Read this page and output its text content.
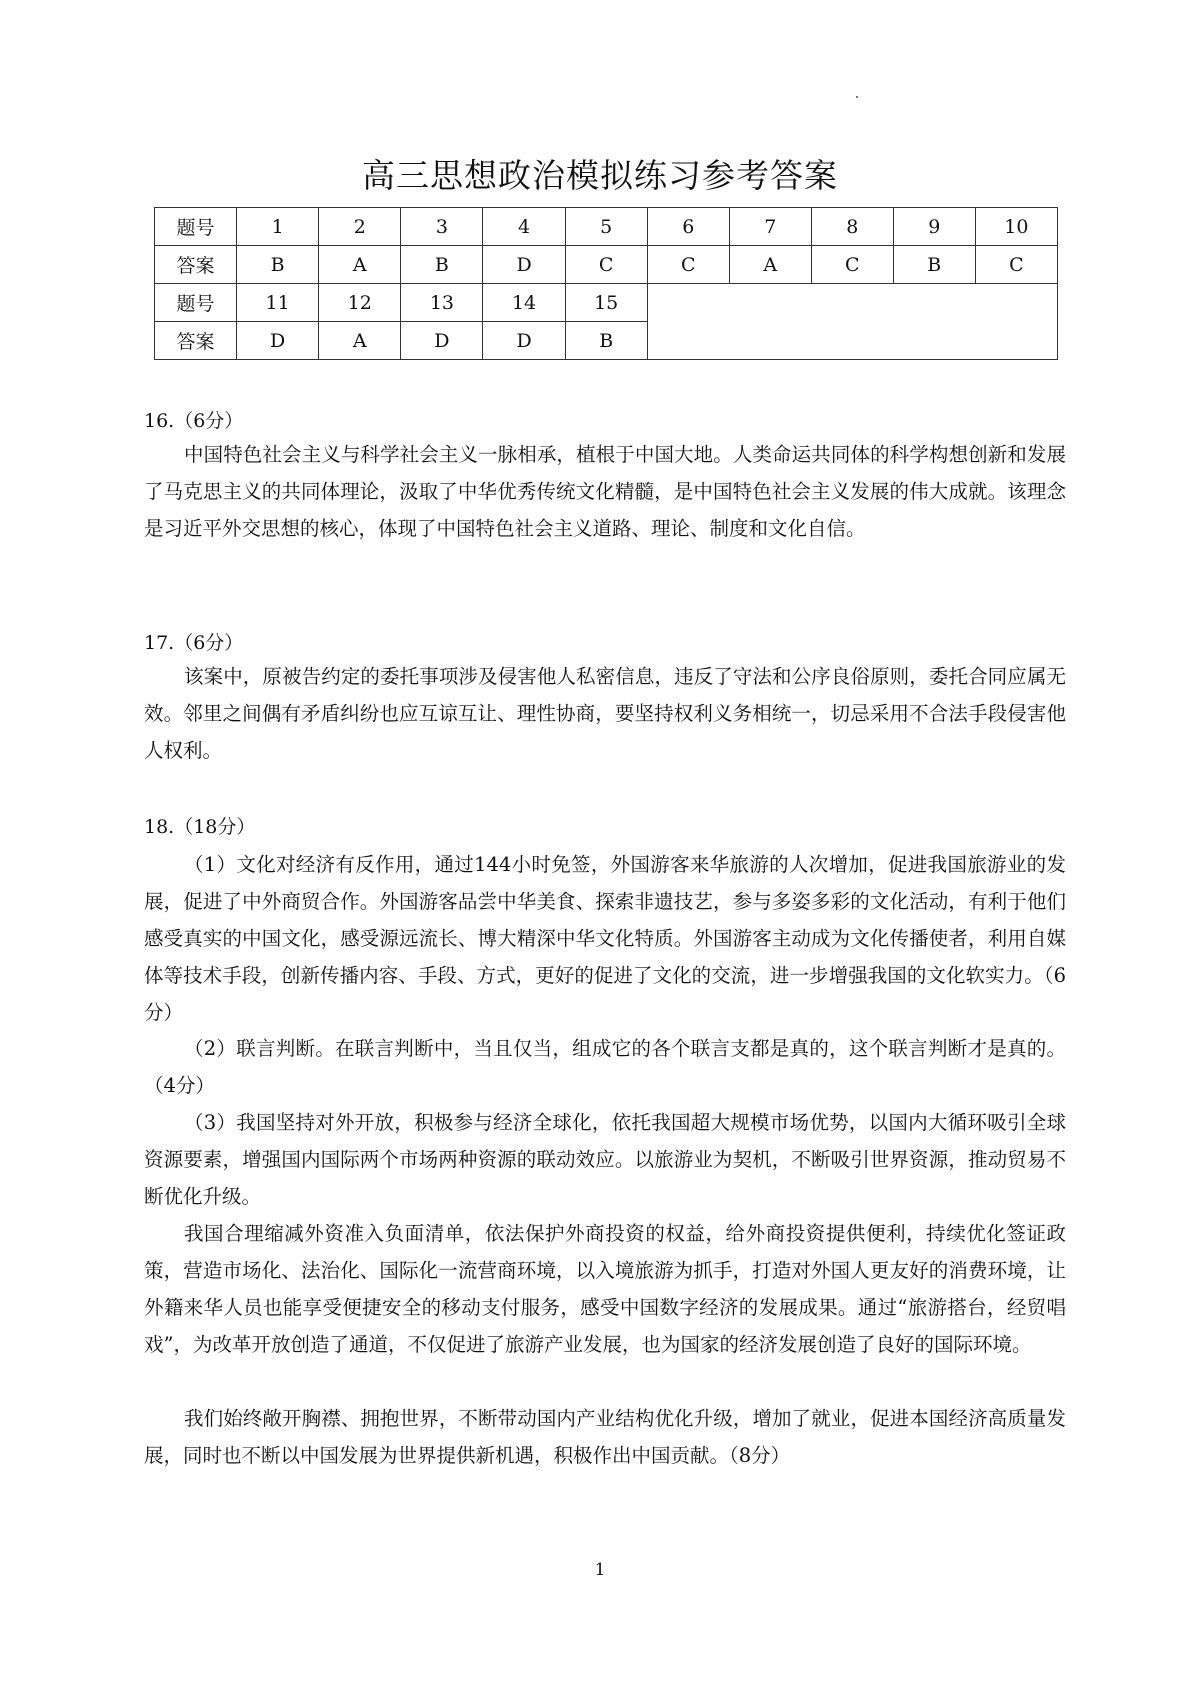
高三思想政治模拟练习参考答案
题号	1	2	3	4	5	6	7	8	9	10
答案	B	A	B	D	C	C	A	C	B	C
题号	11	12	13	14	15					
答案	D	A	D	D	B					
16.（6分）
中国特色社会主义与科学社会主义一脉相承，植根于中国大地。人类命运共同体的科学构想创新和发展了马克思主义的共同体理论，汲取了中华优秀传统文化精髓，是中国特色社会主义发展的伟大成就。该理念是习近平外交思想的核心，体现了中国特色社会主义道路、理论、制度和文化自信。
17.（6分）
该案中，原被告约定的委托事项涉及侵害他人私密信息，违反了守法和公序良俗原则，委托合同应属无效。邻里之间偶有矛盾纠纷也应互谅互让、理性协商，要坚持权利义务相统一，切忌采用不合法手段侵害他人权利。
18.（18分）
（1）文化对经济有反作用，通过144小时免签，外国游客来华旅游的人次增加，促进我国旅游业的发展，促进了中外商贸合作。外国游客品尝中华美食、探索非遗技艺，参与多姿多彩的文化活动，有利于他们感受真实的中国文化，感受源远流长、博大精深中华文化特质。外国游客主动成为文化传播使者，利用自媒体等技术手段，创新传播内容、手段、方式，更好的促进了文化的交流，进一步增强我国的文化软实力。（6分）
（2）联言判断。在联言判断中，当且仅当，组成它的各个联言支都是真的，这个联言判断才是真的。（4分）
（3）我国坚持对外开放，积极参与经济全球化，依托我国超大规模市场优势，以国内大循环吸引全球资源要素，增强国内国际两个市场两种资源的联动效应。以旅游业为契机，不断吸引世界资源，推动贸易不断优化升级。
我国合理缩减外资准入负面清单，依法保护外商投资的权益，给外商投资提供便利，持续优化签证政策，营造市场化、法治化、国际化一流营商环境，以入境旅游为抓手，打造对外国人更友好的消费环境，让外籍来华人员也能享受便捷安全的移动支付服务，感受中国数字经济的发展成果。通过“旅游搭台，经贸唱戏”，为改革开放创造了通道，不仅促进了旅游产业发展，也为国家的经济发展创造了良好的国际环境。
我们始终敞开胸襟、拥抱世界，不断带动国内产业结构优化升级，增加了就业，促进本国经济高质量发展，同时也不断以中国发展为世界提供新机遇，积极作出中国贡献。（8分）
1
